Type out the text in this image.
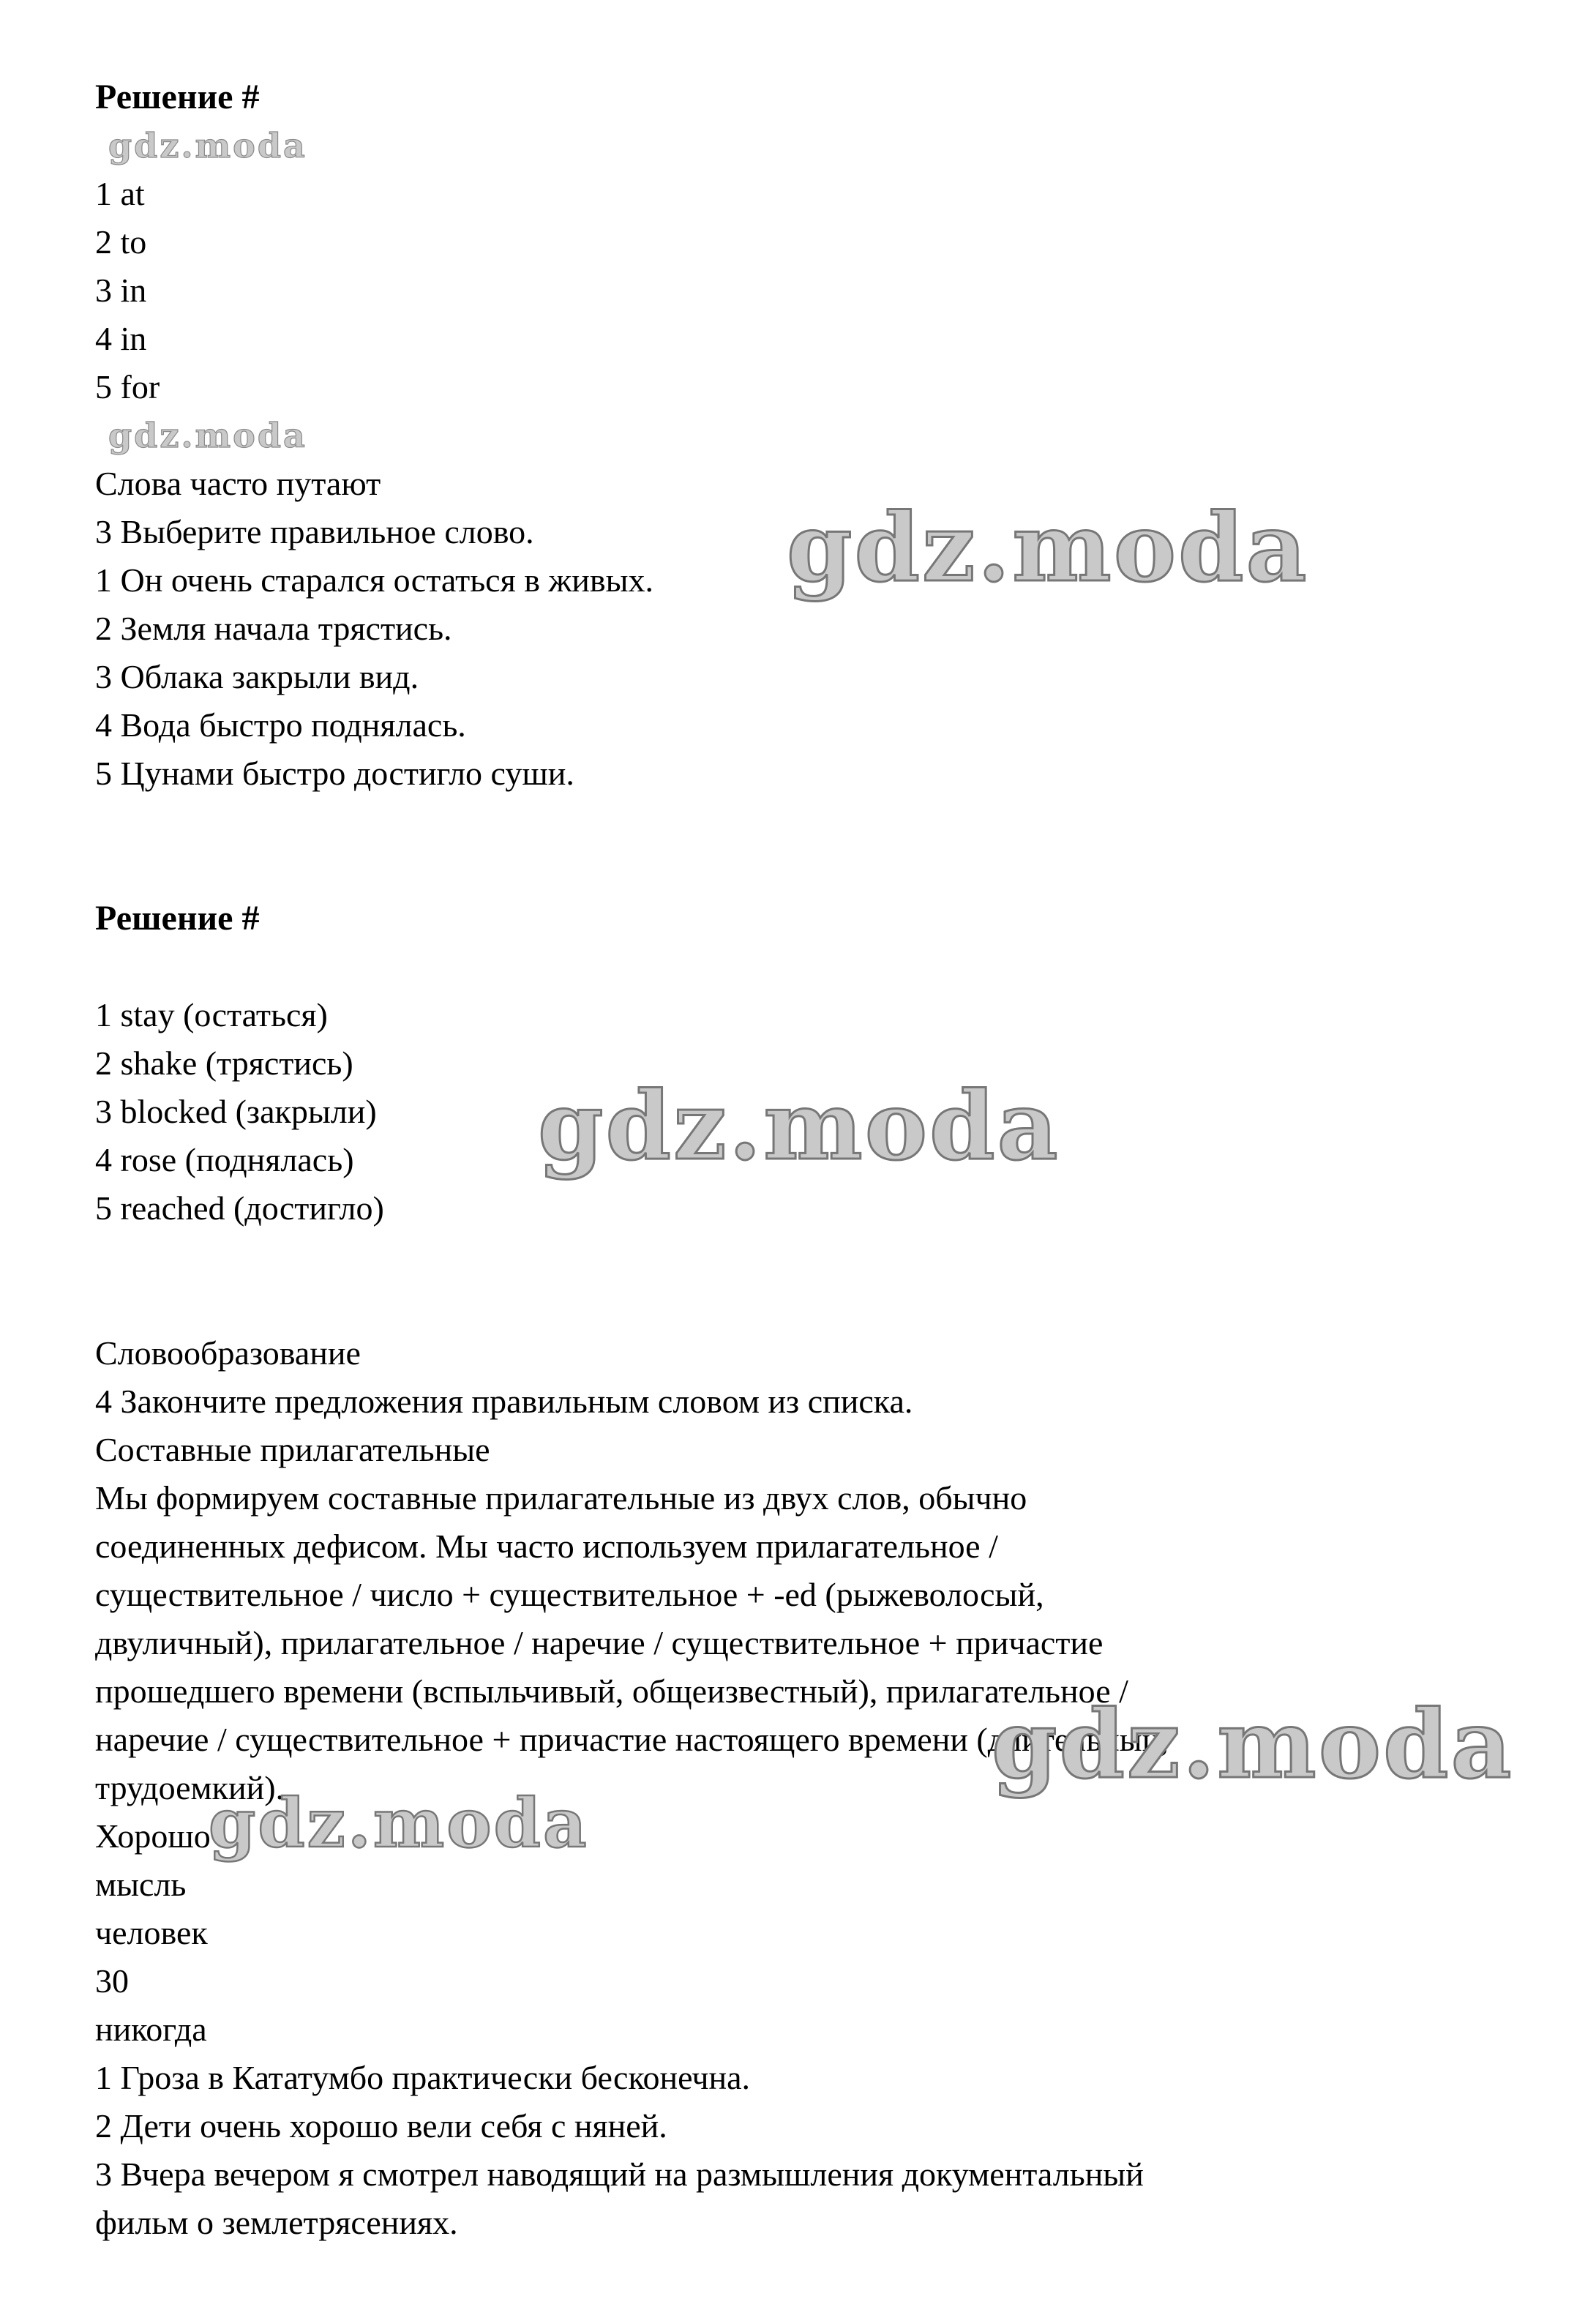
Решение #
gdz.moda
1 at
2 to
3 in
4 in
5 for
gdz.moda
Слова часто путают
3 Выберите правильное слово.
1 Он очень старался остаться в живых.
2 Земля начала трястись.
3 Облака закрыли вид.
4 Вода быстро поднялась.
5 Цунами быстро достигло суши.
Решение #
1 stay (остаться)
2 shake (трястись)
3 blocked (закрыли)
4 rose (поднялась)
5 reached (достигло)
Словообразование
4 Закончите предложения правильным словом из списка.
Составные прилагательные
Мы формируем составные прилагательные из двух слов, обычно
соединенных дефисом. Мы часто используем прилагательное /
существительное / число + существительное + -ed (рыжеволосый,
двуличный), прилагательное / наречие / существительное + причастие
прошедшего времени (вспыльчивый, общеизвестный), прилагательное /
наречие / существительное + причастие настоящего времени (длительный,
трудоемкий).
Хорошо
мысль
человек
30
никогда
1 Гроза в Кататумбо практически бесконечна.
2 Дети очень хорошо вели себя с няней.
3 Вчера вечером я смотрел наводящий на размышления документальный
фильм о землетрясениях.
gdz.moda
gdz.moda
gdz.moda
gdz.moda
